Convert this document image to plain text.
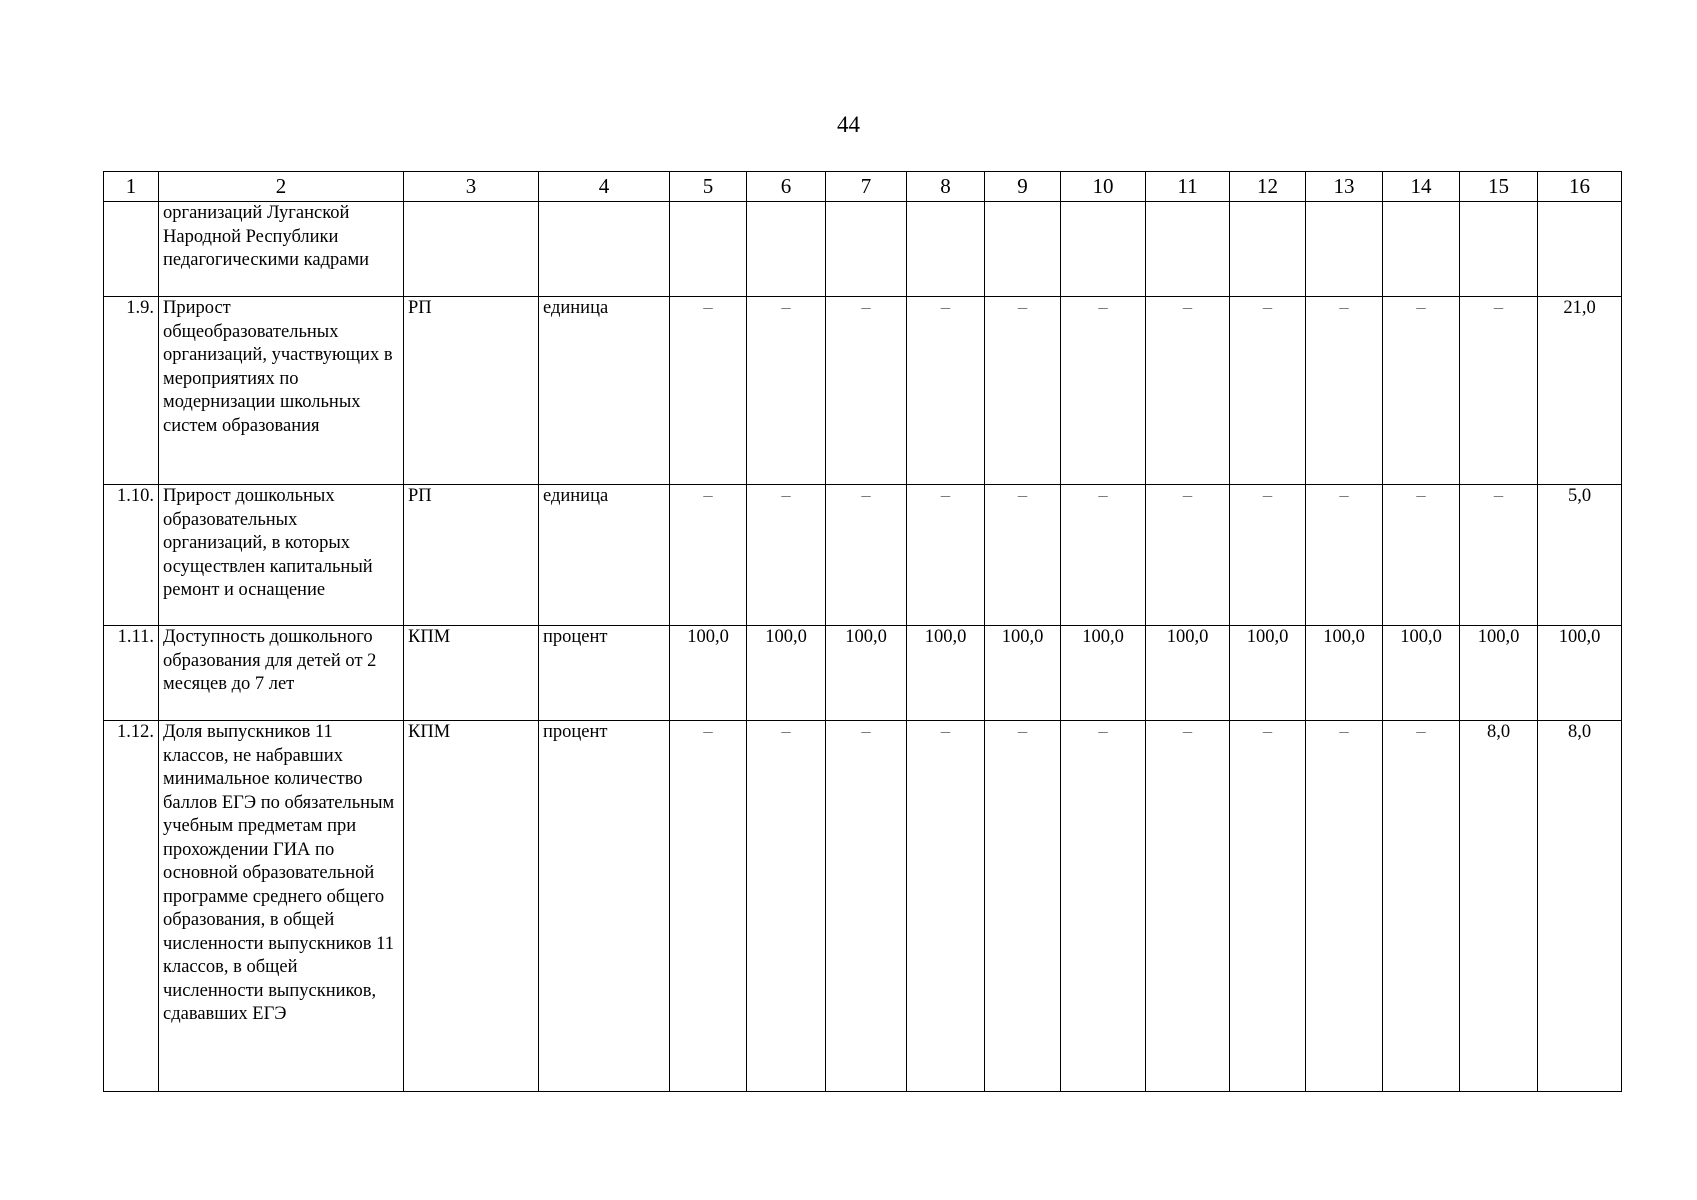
44
1	2	3	4	5	6	7	8	9	10	11	12	13	14	15	16
	организаций Луганской Народной Республики педагогическими кадрами														
1.9.	Прирост общеобразовательных организаций, участвующих в мероприятиях по модернизации школьных систем образования	РП	единица	–	–	–	–	–	–	–	–	–	–	–	21,0
1.10.	Прирост дошкольных образовательных организаций, в которых осуществлен капитальный ремонт и оснащение	РП	единица	–	–	–	–	–	–	–	–	–	–	–	5,0
1.11.	Доступность дошкольного образования для детей от 2 месяцев до 7 лет	КПМ	процент	100,0	100,0	100,0	100,0	100,0	100,0	100,0	100,0	100,0	100,0	100,0	100,0
1.12.	Доля выпускников 11 классов, не набравших минимальное количество баллов ЕГЭ по обязательным учебным предметам при прохождении ГИА по основной образовательной программе среднего общего образования, в общей численности выпускников 11 классов, в общей численности выпускников, сдававших ЕГЭ	КПМ	процент	–	–	–	–	–	–	–	–	–	–	8,0	8,0
